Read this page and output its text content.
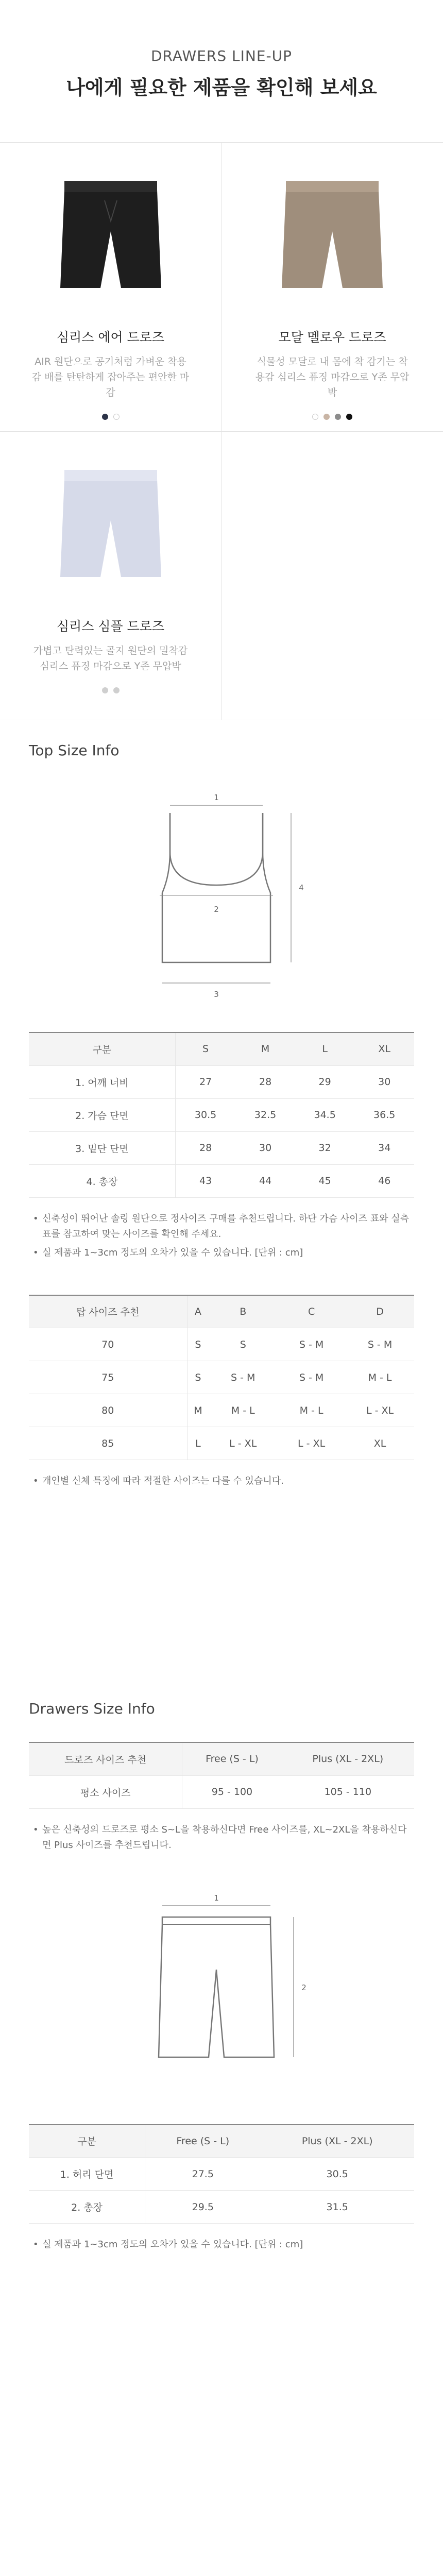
DRAWERS LINE-UP
나에게 필요한 제품을 확인해 보세요
심리스 에어 드로즈
AIR 원단으로 공기처럼 가벼운 착용감 배를 탄탄하게 잡아주는 편안한 마감
모달 멜로우 드로즈
식물성 모달로 내 몸에 착 감기는 착용감 심리스 퓨징 마감으로 Y존 무압박
심리스 심플 드로즈
가볍고 탄력있는 골지 원단의 밀착감 심리스 퓨징 마감으로 Y존 무압박
Top Size Info
1
2
3
4
구분	S	M	L	XL
1. 어깨 너비	27	28	29	30
2. 가슴 단면	30.5	32.5	34.5	36.5
3. 밑단 단면	28	30	32	34
4. 총장	43	44	45	46
• 신축성이 뛰어난 솔링 원단으로 정사이즈 구매를 추천드립니다. 하단 가슴 사이즈 표와 실측표를 참고하여 맞는 사이즈를 확인해 주세요.
• 실 제품과 1~3cm 정도의 오차가 있을 수 있습니다. [단위 : cm]
탑 사이즈 추천	A	B	C	D
70	S	S	S - M	S - M
75	S	S - M	S - M	M - L
80	M	M - L	M - L	L - XL
85	L	L - XL	L - XL	XL
• 개인별 신체 특징에 따라 적절한 사이즈는 다를 수 있습니다.
Drawers Size Info
드로즈 사이즈 추천	Free (S - L)	Plus (XL - 2XL)
평소 사이즈	95 - 100	105 - 110
• 높은 신축성의 드로즈로 평소 S~L을 착용하신다면 Free 사이즈를, XL~2XL을 착용하신다면 Plus 사이즈를 추천드립니다.
1
2
구분	Free (S - L)	Plus (XL - 2XL)
1. 허리 단면	27.5	30.5
2. 총장	29.5	31.5
• 실 제품과 1~3cm 정도의 오차가 있을 수 있습니다. [단위 : cm]
